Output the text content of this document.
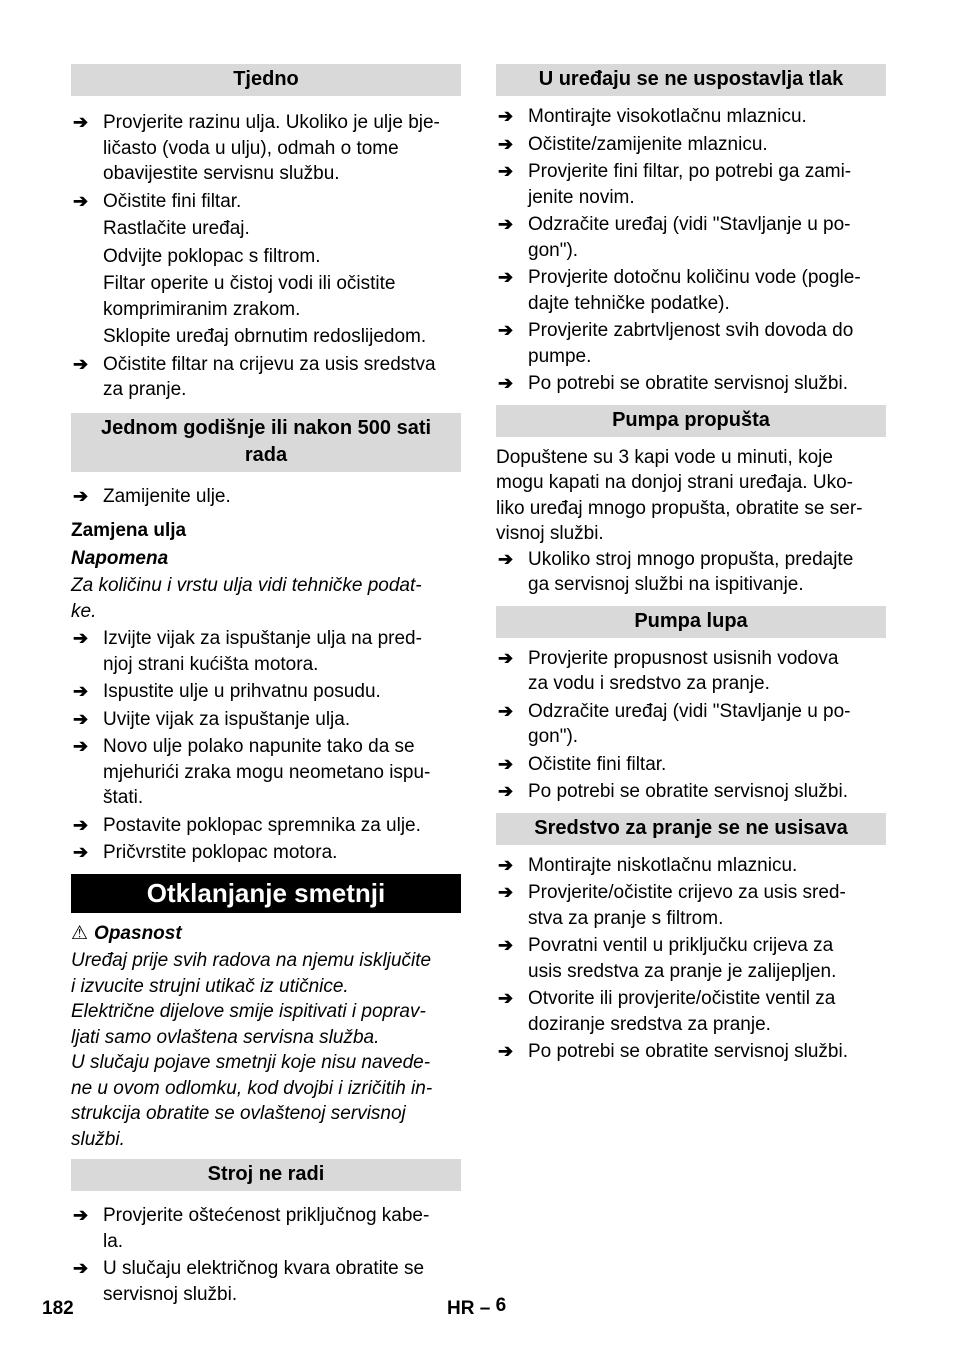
Tjedno
➔ Provjerite razinu ulja. Ukoliko je ulje bje-
ličasto (voda u ulju), odmah o tome
obavijestite servisnu službu.
➔ Očistite fini filtar.
Rastlačite uređaj.
Odvijte poklopac s filtrom.
Filtar operite u čistoj vodi ili očistite
komprimiranim zrakom.
Sklopite uređaj obrnutim redoslijedom.
➔ Očistite filtar na crijevu za usis sredstva
za pranje.
Jednom godišnje ili nakon 500 sati
rada
➔ Zamijenite ulje.
Zamjena ulja
Napomena
Za količinu i vrstu ulja vidi tehničke podat-
ke.
➔ Izvijte vijak za ispuštanje ulja na pred-
njoj strani kućišta motora.
➔ Ispustite ulje u prihvatnu posudu.
➔ Uvijte vijak za ispuštanje ulja.
➔ Novo ulje polako napunite tako da se
mjehurići zraka mogu neometano ispu-
štati.
➔ Postavite poklopac spremnika za ulje.
➔ Pričvrstite poklopac motora.
Otklanjanje smetnji
⚠ Opasnost
Uređaj prije svih radova na njemu isključite
i izvucite strujni utikač iz utičnice.
Električne dijelove smije ispitivati i poprav-
ljati samo ovlaštena servisna služba.
U slučaju pojave smetnji koje nisu navede-
ne u ovom odlomku, kod dvojbi i izričitih in-
strukcija obratite se ovlaštenoj servisnoj
službi.
Stroj ne radi
➔ Provjerite oštećenost priključnog kabe-
la.
➔ U slučaju električnog kvara obratite se
servisnoj službi.
U uređaju se ne uspostavlja tlak
➔ Montirajte visokotlačnu mlaznicu.
➔ Očistite/zamijenite mlaznicu.
➔ Provjerite fini filtar, po potrebi ga zami-
jenite novim.
➔ Odzračite uređaj (vidi "Stavljanje u po-
gon").
➔ Provjerite dotočnu količinu vode (pogle-
dajte tehničke podatke).
➔ Provjerite zabrtvljenost svih dovoda do
pumpe.
➔ Po potrebi se obratite servisnoj službi.
Pumpa propušta
Dopuštene su 3 kapi vode u minuti, koje
mogu kapati na donjoj strani uređaja. Uko-
liko uređaj mnogo propušta, obratite se ser-
visnoj službi.
➔ Ukoliko stroj mnogo propušta, predajte
ga servisnoj službi na ispitivanje.
Pumpa lupa
➔ Provjerite propusnost usisnih vodova
za vodu i sredstvo za pranje.
➔ Odzračite uređaj (vidi "Stavljanje u po-
gon").
➔ Očistite fini filtar.
➔ Po potrebi se obratite servisnoj službi.
Sredstvo za pranje se ne usisava
➔ Montirajte niskotlačnu mlaznicu.
➔ Provjerite/očistite crijevo za usis sred-
stva za pranje s filtrom.
➔ Povratni ventil u priključku crijeva za
usis sredstva za pranje je zalijepljen.
➔ Otvorite ili provjerite/očistite ventil za
doziranje sredstva za pranje.
➔ Po potrebi se obratite servisnoj službi.
182	HR – 6
